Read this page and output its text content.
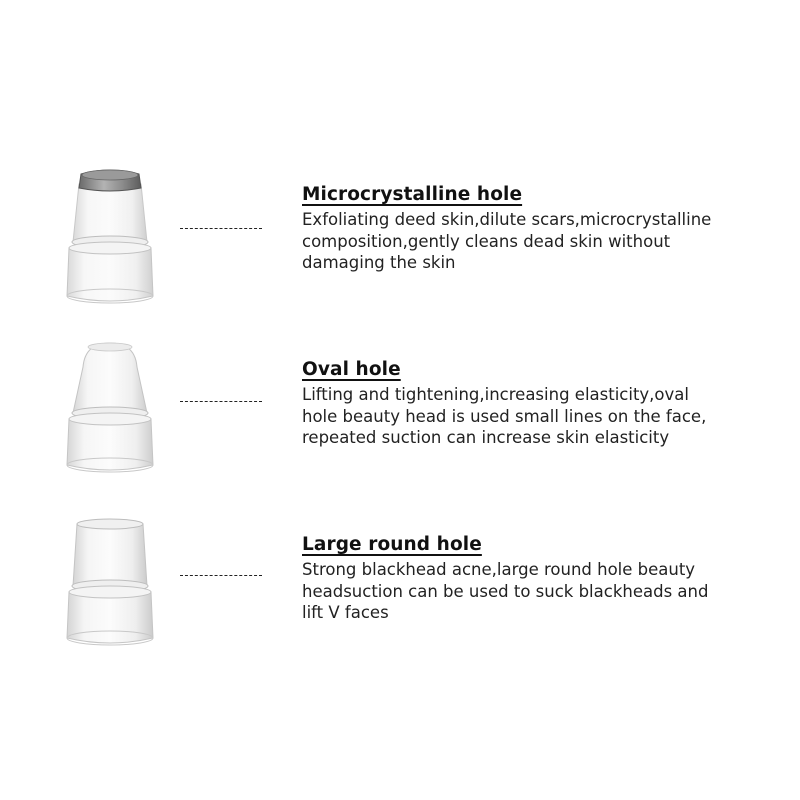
Microcrystalline hole

Exfoliating deed skin,dilute scars,microcrystalline
composition,gently cleans dead skin without
damaging the skin

Oval hole

Lifting and tightening,increasing elasticity,oval
hole beauty head is used small lines on the face,
repeated suction can increase skin elasticity

Large round hole

Strong blackhead acne,large round hole beauty
headsuction can be used to suck blackheads and
lift V faces
